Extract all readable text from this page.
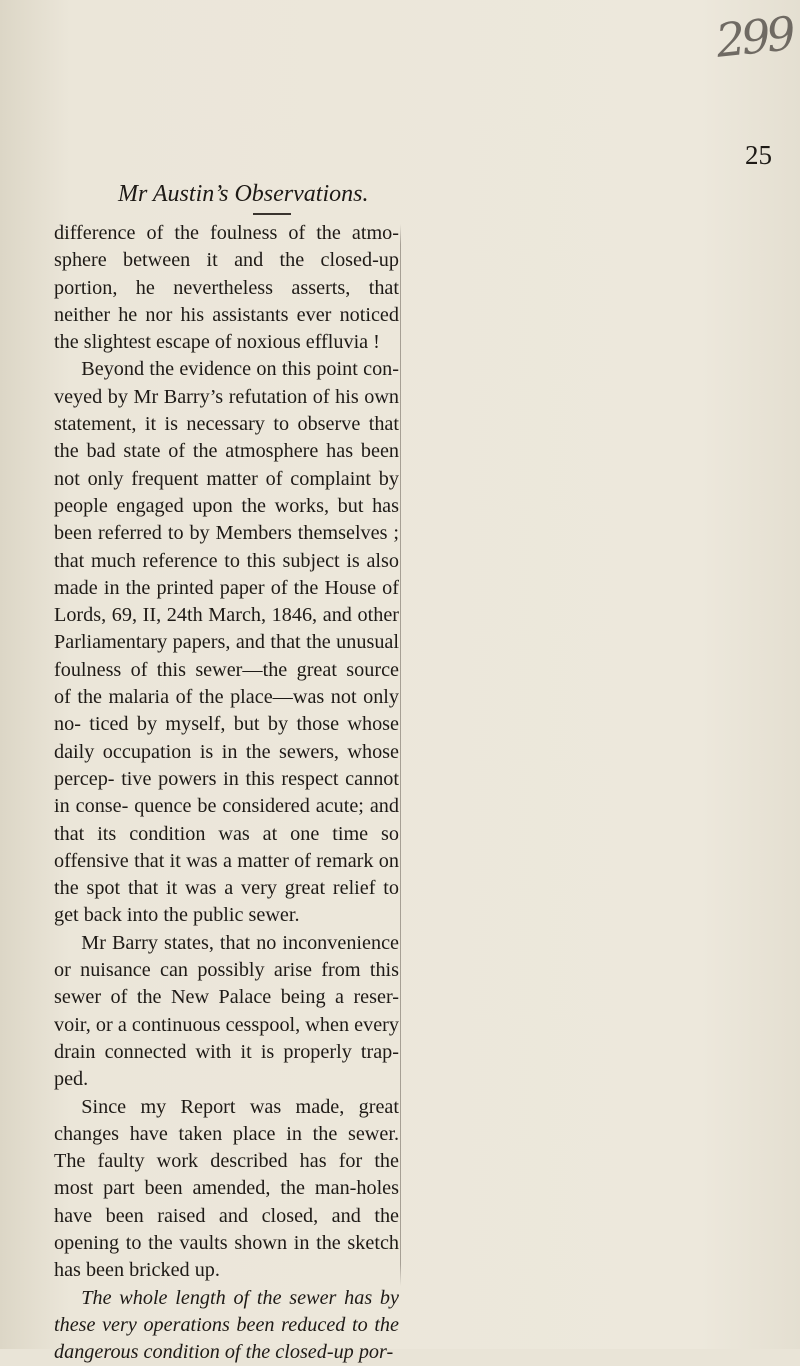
299
25
Mr Austin’s Observations.

difference of the foulness of the atmo- sphere between it and the closed-up portion, he nevertheless asserts, that neither he nor his assistants ever noticed the slightest escape of noxious effluvia !

Beyond the evidence on this point con- veyed by Mr Barry’s refutation of his own statement, it is necessary to observe that the bad state of the atmosphere has been not only frequent matter of complaint by people engaged upon the works, but has been referred to by Members themselves ; that much reference to this subject is also made in the printed paper of the House of Lords, 69, II, 24th March, 1846, and other Parliamentary papers, and that the unusual foulness of this sewer—the great source of the malaria of the place—was not only no- ticed by myself, but by those whose daily occupation is in the sewers, whose percep- tive powers in this respect cannot in conse- quence be considered acute; and that its condition was at one time so offensive that it was a matter of remark on the spot that it was a very great relief to get back into the public sewer.

Mr Barry states, that no inconvenience or nuisance can possibly arise from this sewer of the New Palace being a reser- voir, or a continuous cesspool, when every drain connected with it is properly trap- ped.

Since my Report was made, great changes have taken place in the sewer. The faulty work described has for the most part been amended, the man-holes have been raised and closed, and the opening to the vaults shown in the sketch has been bricked up.

The whole length of the sewer has by these very operations been reduced to the dangerous condition of the closed-up por-
